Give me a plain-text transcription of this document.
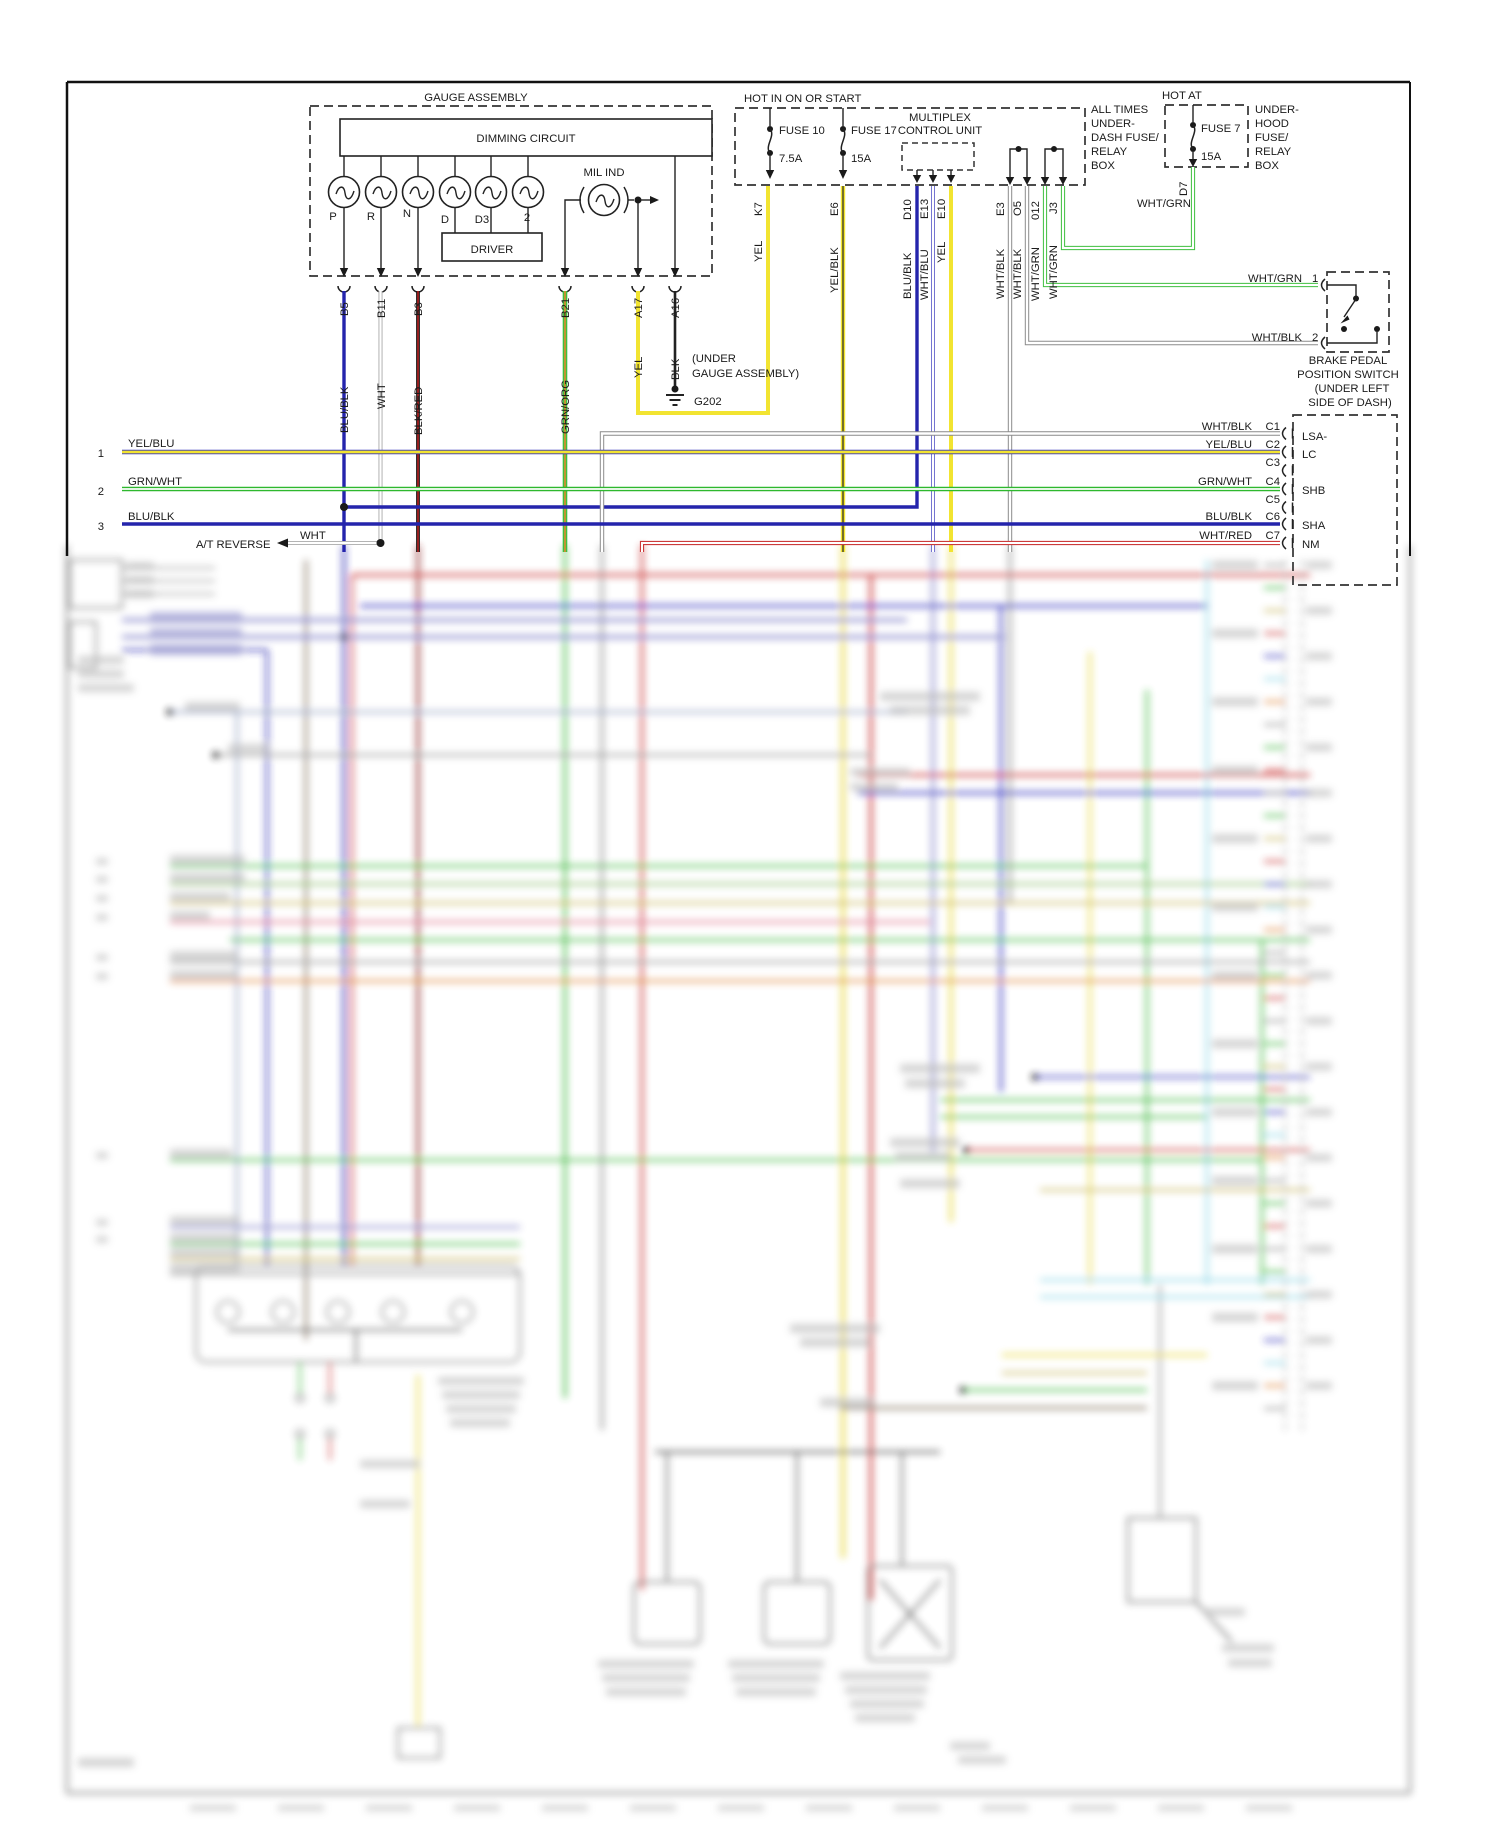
GAUGE ASSEMBLY
DIMMING CIRCUIT
P	R N	D D3	2
DRIVER
MIL IND
(UNDER
GAUGE ASSEMBLY)
G202
B5 B11 B3	B21	A17 A16
BLU/BLK WHT BLK/RED	GRN/ORG
YEL BLK
HOT IN ON OR START
FUSE 10
7.5A
FUSE 17
15A
MULTIPLEX
CONTROL UNIT
ALL TIMES
UNDER-
DASH FUSE/
RELAY
BOX
HOT AT
FUSE 7
15A
UNDER-
HOOD
FUSE/
RELAY
BOX
K7	E6	D10 E13 E10	E3 O5 012 J3
D7
YEL	YEL/BLK	BLU/BLK WHT/BLU YEL	WHT/BLK WHT/BLK WHT/GRN WHT/GRN
WHT/GRN
WHT/GRN 1
WHT/BLK 2
BRAKE PEDAL
POSITION SWITCH
(UNDER LEFT
SIDE OF DASH)
1
2
3
YEL/BLU
GRN/WHT
BLU/BLK
A/T REVERSE
WHT
WHT/BLK C1
YEL/BLU C2
C3
GRN/WHT C4
C5
BLU/BLK C6
WHT/RED C7
LSA-
LC
SHB
SHA
NM
